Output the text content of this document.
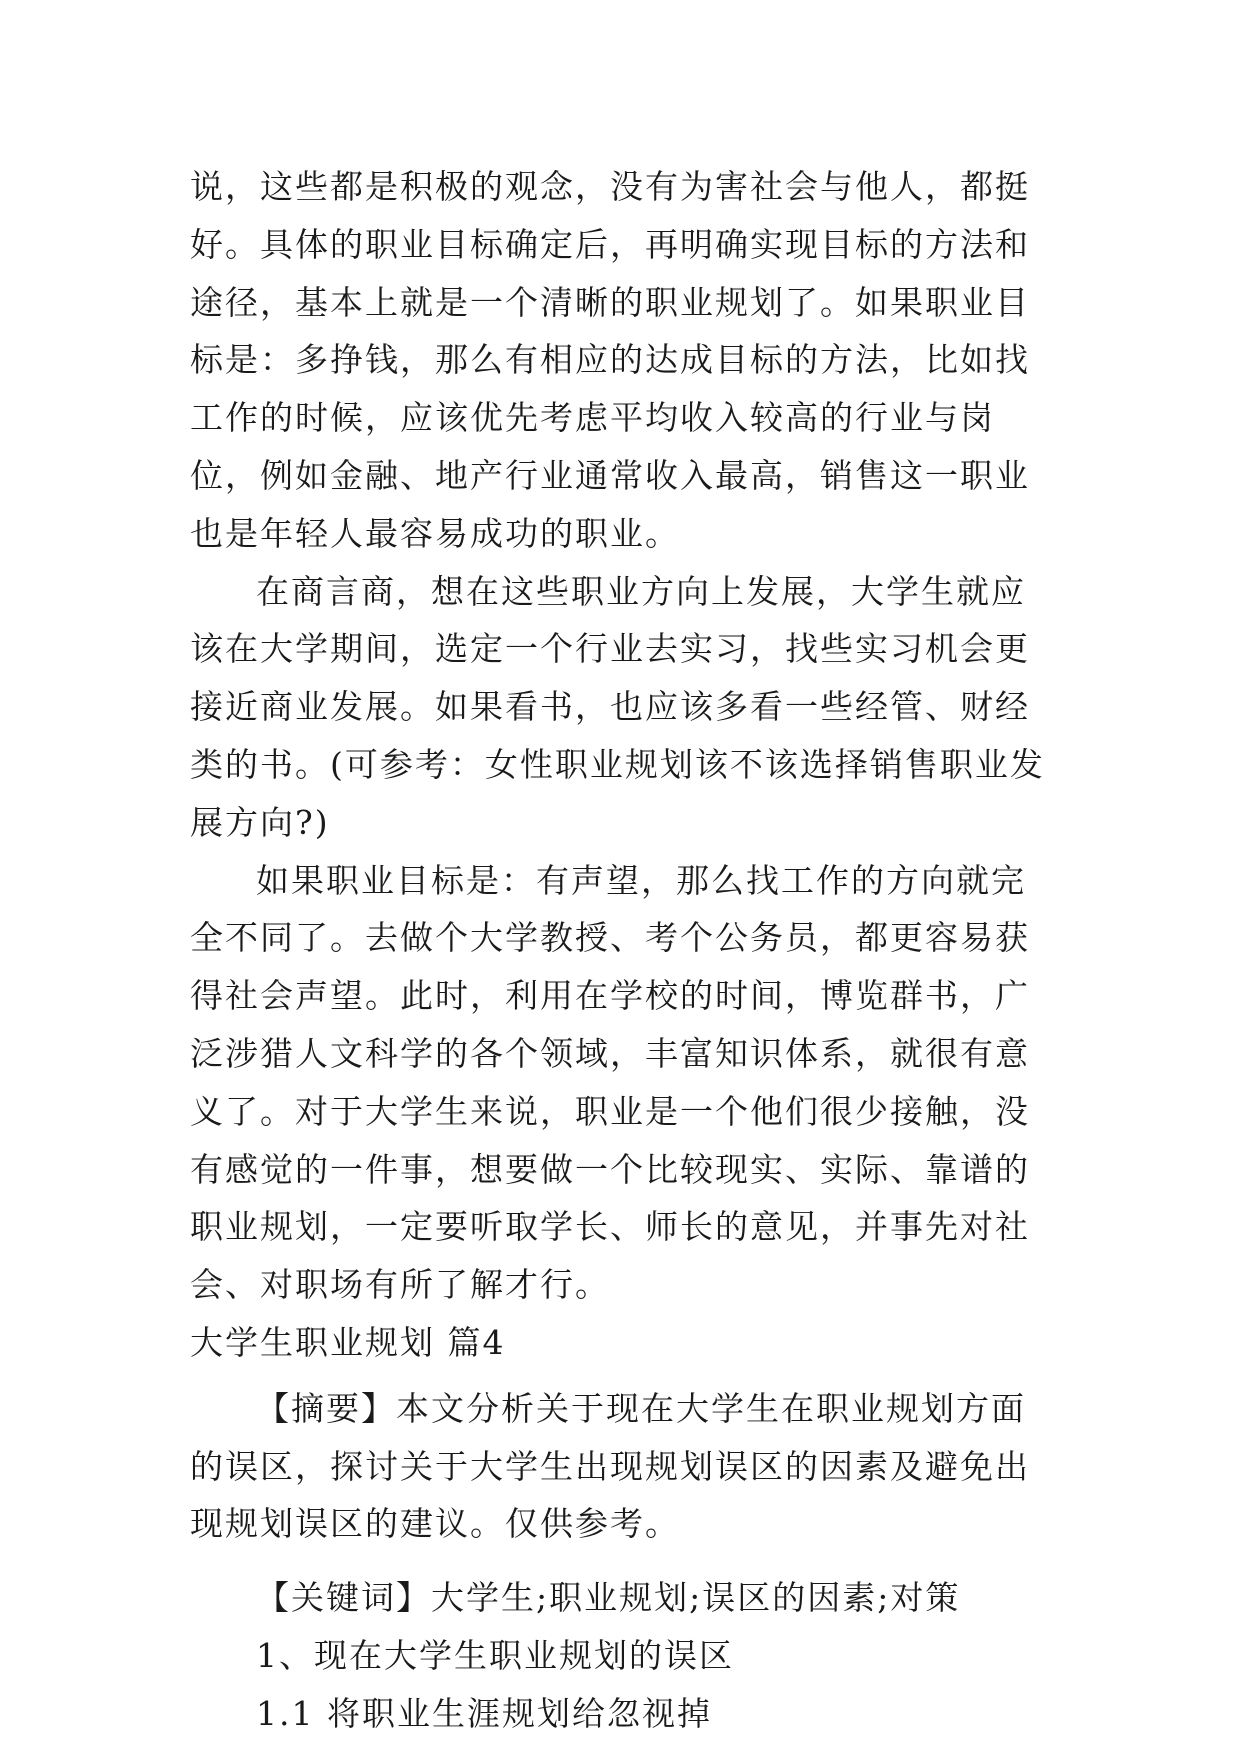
说，这些都是积极的观念，没有为害社会与他人，都挺好。具体的职业目标确定后，再明确实现目标的方法和途径，基本上就是一个清晰的职业规划了。如果职业目标是：多挣钱，那么有相应的达成目标的方法，比如找工作的时候，应该优先考虑平均收入较高的行业与岗位，例如金融、地产行业通常收入最高，销售这一职业也是年轻人最容易成功的职业。

在商言商，想在这些职业方向上发展，大学生就应该在大学期间，选定一个行业去实习，找些实习机会更接近商业发展。如果看书，也应该多看一些经管、财经类的书。(可参考：女性职业规划该不该选择销售职业发展方向?)

如果职业目标是：有声望，那么找工作的方向就完全不同了。去做个大学教授、考个公务员，都更容易获得社会声望。此时，利用在学校的时间，博览群书，广泛涉猎人文科学的各个领域，丰富知识体系，就很有意义了。对于大学生来说，职业是一个他们很少接触，没有感觉的一件事，想要做一个比较现实、实际、靠谱的职业规划，一定要听取学长、师长的意见，并事先对社会、对职场有所了解才行。

大学生职业规划 篇4

【摘要】本文分析关于现在大学生在职业规划方面的误区，探讨关于大学生出现规划误区的因素及避免出现规划误区的建议。仅供参考。

【关键词】大学生;职业规划;误区的因素;对策

1、现在大学生职业规划的误区

1.1 将职业生涯规划给忽视掉
